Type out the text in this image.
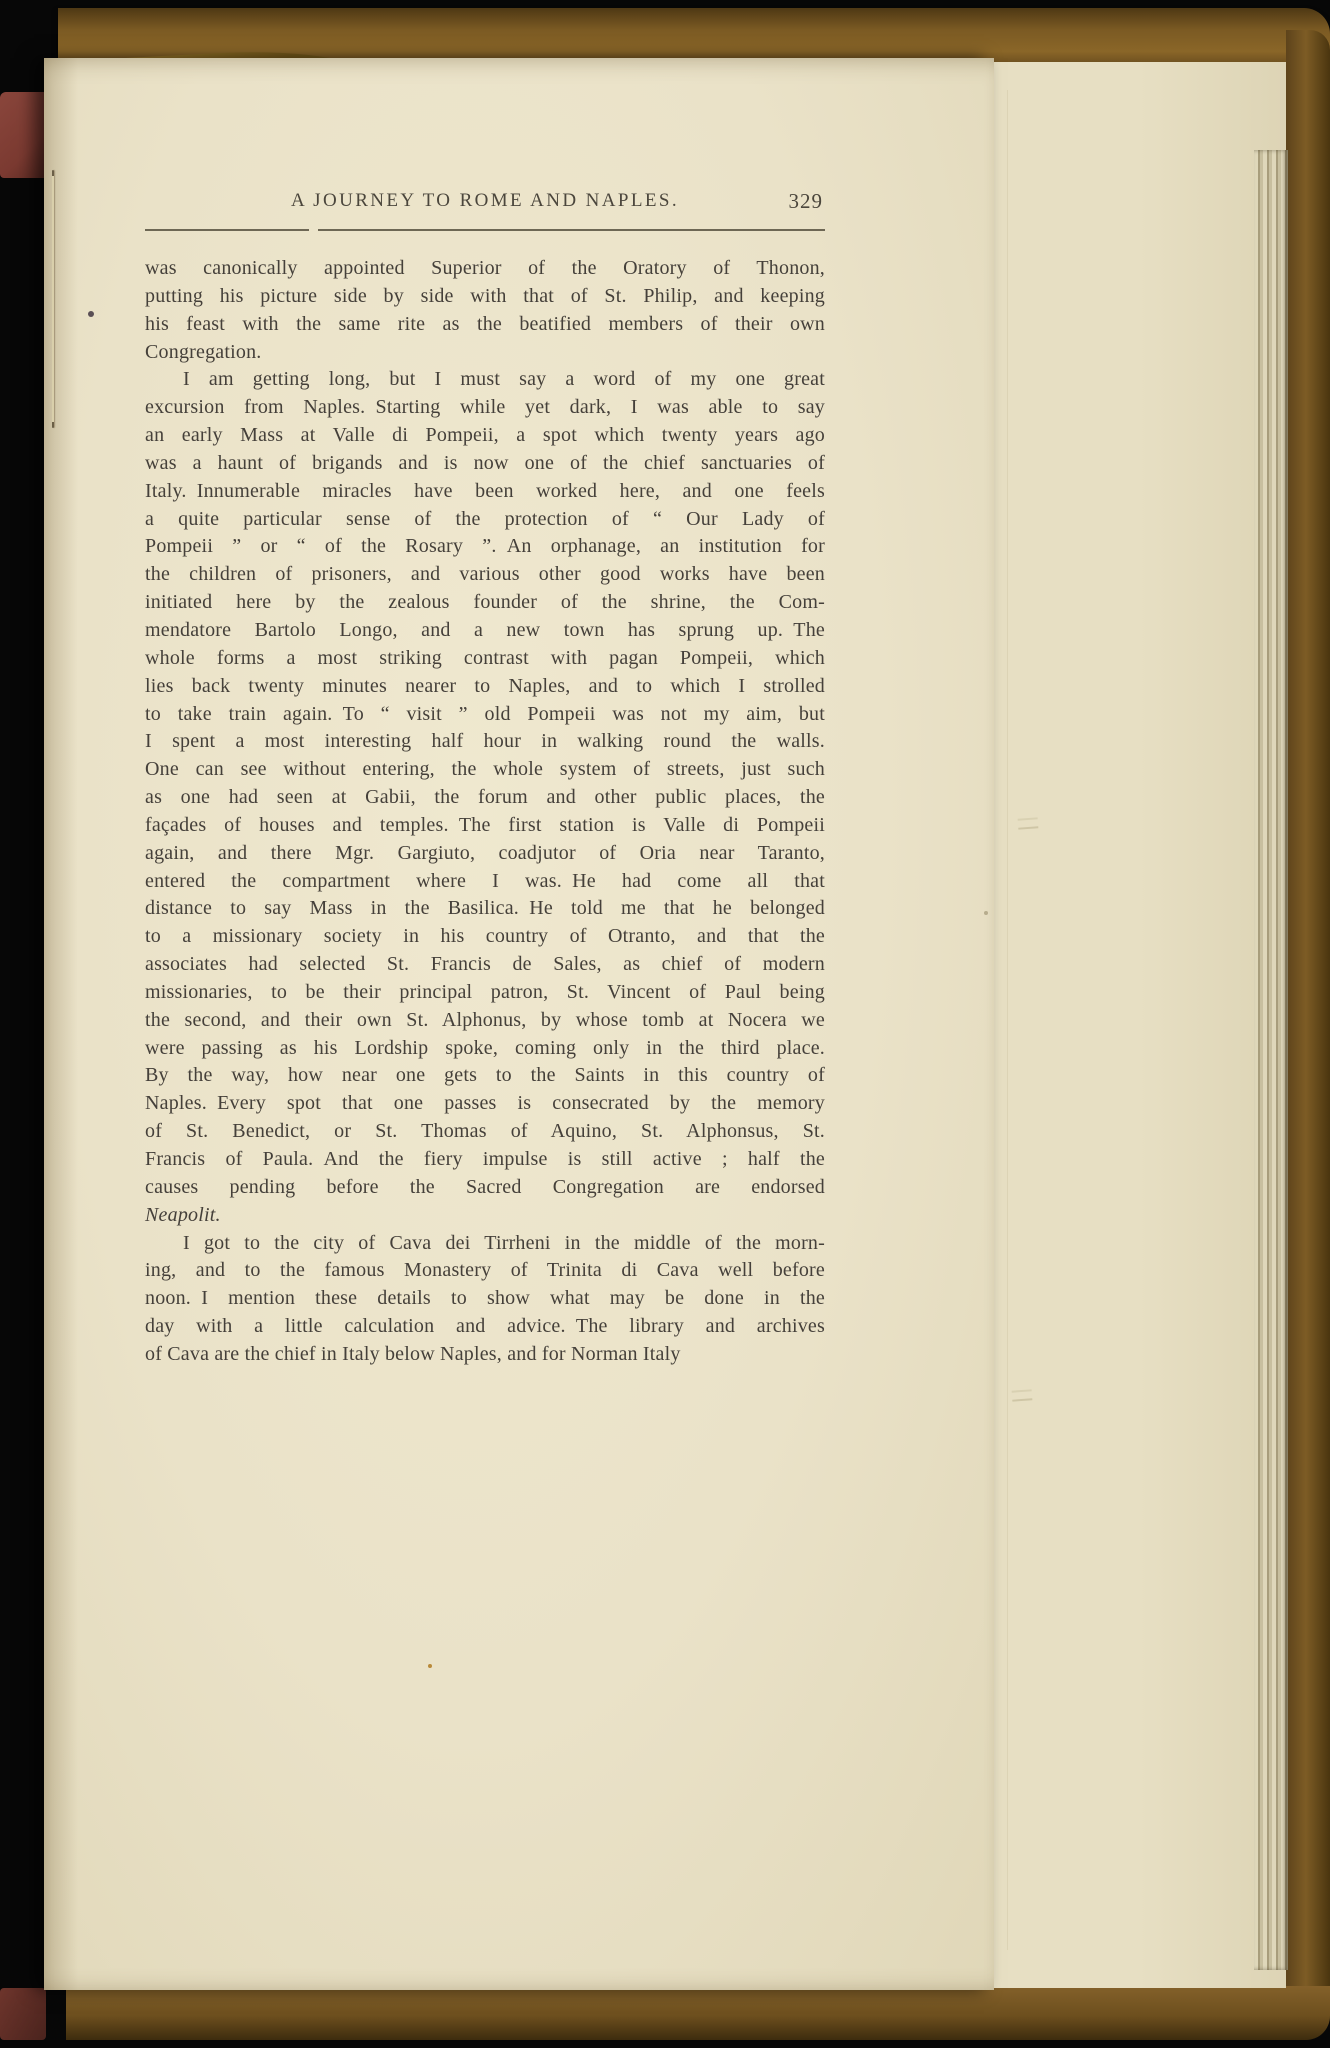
A JOURNEY TO ROME AND NAPLES.	329
was canonically appointed Superior of the Oratory of Thonon,
putting his picture side by side with that of St. Philip, and keeping
his feast with the same rite as the beatified members of their own
Congregation.
I am getting long, but I must say a word of my one great
excursion from Naples. Starting while yet dark, I was able to say
an early Mass at Valle di Pompeii, a spot which twenty years ago
was a haunt of brigands and is now one of the chief sanctuaries of
Italy. Innumerable miracles have been worked here, and one feels
a quite particular sense of the protection of “ Our Lady of
Pompeii ” or “ of the Rosary ”. An orphanage, an institution for
the children of prisoners, and various other good works have been
initiated here by the zealous founder of the shrine, the Com-
mendatore Bartolo Longo, and a new town has sprung up. The
whole forms a most striking contrast with pagan Pompeii, which
lies back twenty minutes nearer to Naples, and to which I strolled
to take train again. To “ visit ” old Pompeii was not my aim, but
I spent a most interesting half hour in walking round the walls.
One can see without entering, the whole system of streets, just such
as one had seen at Gabii, the forum and other public places, the
façades of houses and temples. The first station is Valle di Pompeii
again, and there Mgr. Gargiuto, coadjutor of Oria near Taranto,
entered the compartment where I was. He had come all that
distance to say Mass in the Basilica. He told me that he belonged
to a missionary society in his country of Otranto, and that the
associates had selected St. Francis de Sales, as chief of modern
missionaries, to be their principal patron, St. Vincent of Paul being
the second, and their own St. Alphonus, by whose tomb at Nocera we
were passing as his Lordship spoke, coming only in the third place.
By the way, how near one gets to the Saints in this country of
Naples. Every spot that one passes is consecrated by the memory
of St. Benedict, or St. Thomas of Aquino, St. Alphonsus, St.
Francis of Paula. And the fiery impulse is still active ; half the
causes pending before the Sacred Congregation are endorsed
Neapolit.
I got to the city of Cava dei Tirrheni in the middle of the morn-
ing, and to the famous Monastery of Trinita di Cava well before
noon. I mention these details to show what may be done in the
day with a little calculation and advice. The library and archives
of Cava are the chief in Italy below Naples, and for Norman Italy
